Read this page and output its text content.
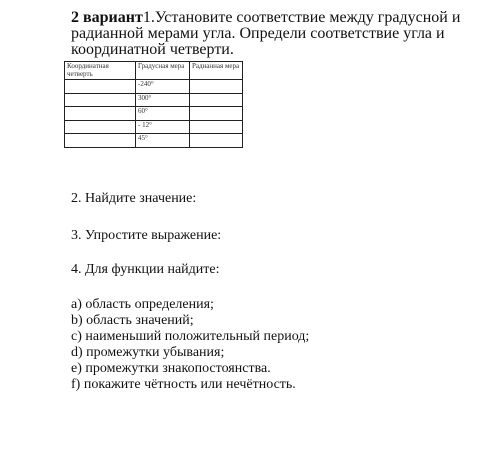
2 вариант1.Установите соответствие между градусной и
радианной мерами угла. Определи соответствие угла и
координатной четверти.
Координатная четверть	Градусная мера	Радианная мера
	-240°	
	300°	
	60°	
	- 12°	
	45°	
2. Найдите значение:
3. Упростите выражение:
4. Для функции найдите:
a) область определения;
b) область значений;
c) наименьший положительный период;
d) промежутки убывания;
e) промежутки знакопостоянства.
f) покажите чётность или нечётность.
